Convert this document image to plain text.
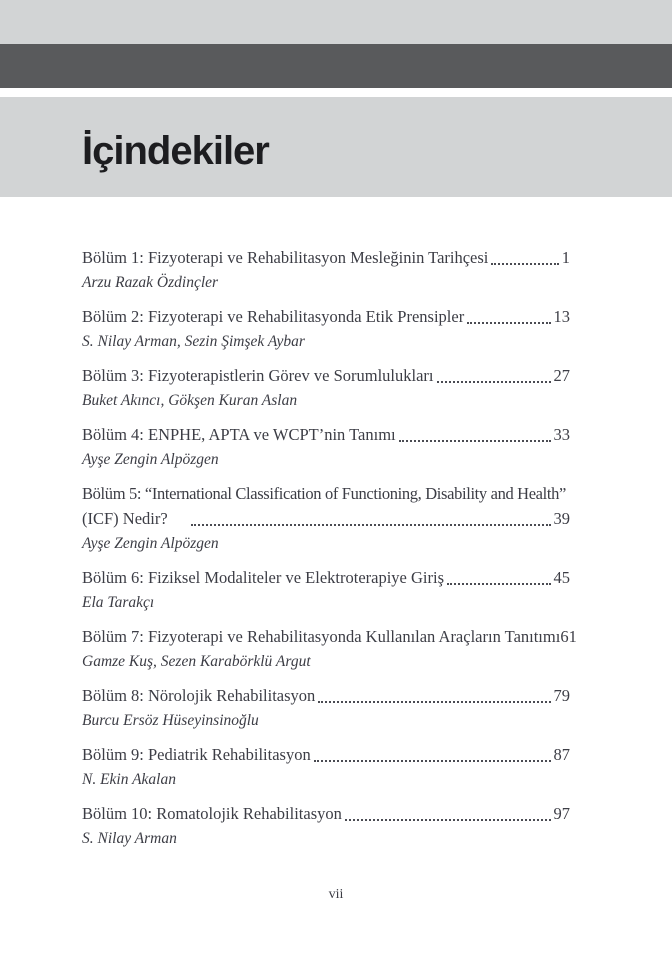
İçindekiler
Bölüm 1: Fizyoterapi ve Rehabilitasyon Mesleğinin Tarihçesi	1
Arzu Razak Özdinçler
Bölüm 2: Fizyoterapi ve Rehabilitasyonda Etik Prensipler	13
S. Nilay Arman, Sezin Şimşek Aybar
Bölüm 3: Fizyoterapistlerin Görev ve Sorumlulukları	27
Buket Akıncı, Gökşen Kuran Aslan
Bölüm 4: ENPHE, APTA ve WCPT’nin Tanımı	33
Ayşe Zengin Alpözgen
Bölüm 5: “International Classification of Functioning, Disability and Health”
(ICF) Nedir?	39
Ayşe Zengin Alpözgen
Bölüm 6: Fiziksel Modaliteler ve Elektroterapiye Giriş	45
Ela Tarakçı
Bölüm 7: Fizyoterapi ve Rehabilitasyonda Kullanılan Araçların Tanıtımı 61
Gamze Kuş, Sezen Karabörklü Argut
Bölüm 8: Nörolojik Rehabilitasyon	79
Burcu Ersöz Hüseyinsinoğlu
Bölüm 9: Pediatrik Rehabilitasyon	87
N. Ekin Akalan
Bölüm 10: Romatolojik Rehabilitasyon	97
S. Nilay Arman
vii
